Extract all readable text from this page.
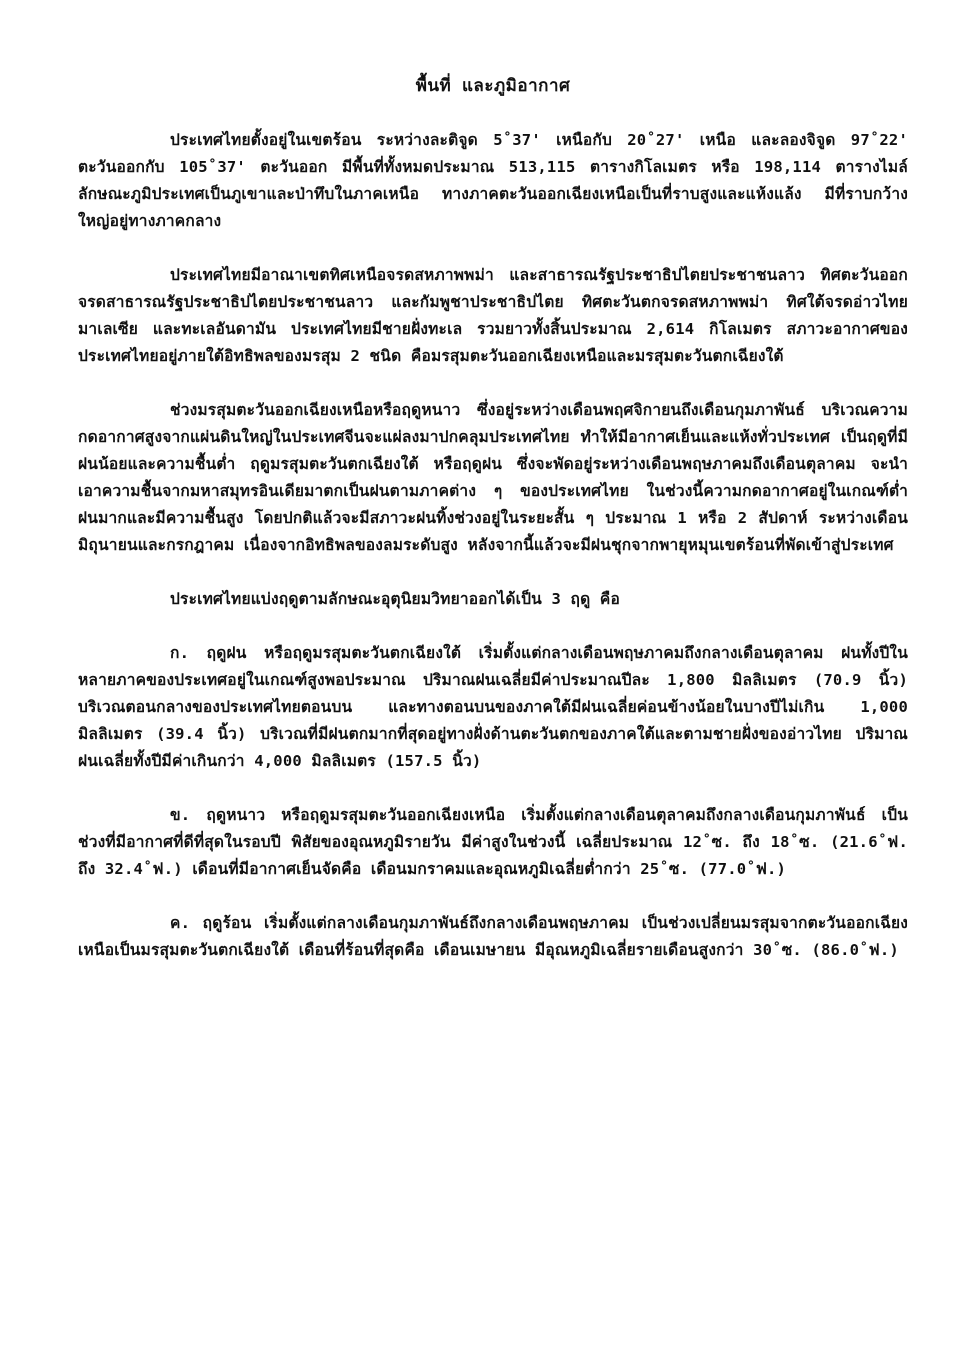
พื้นที่ และภูมิอากาศ

ประเทศไทยตั้งอยู่ในเขตร้อน ระหว่างละติจูด 5˚37' เหนือกับ 20˚27' เหนือ และลองจิจูด 97˚22' ตะวันออกกับ 105˚37' ตะวันออก มีพื้นที่ทั้งหมดประมาณ 513,115 ตารางกิโลเมตร หรือ 198,114 ตารางไมล์ ลักษณะภูมิประเทศเป็นภูเขาและป่าทึบในภาคเหนือ ทางภาคตะวันออกเฉียงเหนือเป็นที่ราบสูงและแห้งแล้ง มีที่ราบกว้างใหญ่อยู่ทางภาคกลาง

ประเทศไทยมีอาณาเขตทิศเหนือจรดสหภาพพม่า และสาธารณรัฐประชาธิปไตยประชาชนลาว ทิศตะวันออกจรดสาธารณรัฐประชาธิปไตยประชาชนลาว และกัมพูชาประชาธิปไตย ทิศตะวันตกจรดสหภาพพม่า ทิศใต้จรดอ่าวไทย มาเลเซีย และทะเลอันดามัน ประเทศไทยมีชายฝั่งทะเล รวมยาวทั้งสิ้นประมาณ 2,614 กิโลเมตร สภาวะอากาศของประเทศไทยอยู่ภายใต้อิทธิพลของมรสุม 2 ชนิด คือมรสุมตะวันออกเฉียงเหนือและมรสุมตะวันตกเฉียงใต้

ช่วงมรสุมตะวันออกเฉียงเหนือหรือฤดูหนาว ซึ่งอยู่ระหว่างเดือนพฤศจิกายนถึงเดือนกุมภาพันธ์ บริเวณความกดอากาศสูงจากแผ่นดินใหญ่ในประเทศจีนจะแผ่ลงมาปกคลุมประเทศไทย ทำให้มีอากาศเย็นและแห้งทั่วประเทศ เป็นฤดูที่มีฝนน้อยและความชื้นต่ำ ฤดูมรสุมตะวันตกเฉียงใต้ หรือฤดูฝน ซึ่งจะพัดอยู่ระหว่างเดือนพฤษภาคมถึงเดือนตุลาคม จะนำเอาความชื้นจากมหาสมุทรอินเดียมาตกเป็นฝนตามภาคต่าง ๆ ของประเทศไทย ในช่วงนี้ความกดอากาศอยู่ในเกณฑ์ต่ำ ฝนมากและมีความชื้นสูง โดยปกติแล้วจะมีสภาวะฝนทิ้งช่วงอยู่ในระยะสั้น ๆ ประมาณ 1 หรือ 2 สัปดาห์ ระหว่างเดือนมิถุนายนและกรกฎาคม เนื่องจากอิทธิพลของลมระดับสูง หลังจากนี้แล้วจะมีฝนชุกจากพายุหมุนเขตร้อนที่พัดเข้าสู่ประเทศ

ประเทศไทยแบ่งฤดูตามลักษณะอุตุนิยมวิทยาออกได้เป็น 3 ฤดู คือ

ก. ฤดูฝน หรือฤดูมรสุมตะวันตกเฉียงใต้ เริ่มตั้งแต่กลางเดือนพฤษภาคมถึงกลางเดือนตุลาคม ฝนทั้งปีในหลายภาคของประเทศอยู่ในเกณฑ์สูงพอประมาณ ปริมาณฝนเฉลี่ยมีค่าประมาณปีละ 1,800 มิลลิเมตร (70.9 นิ้ว) บริเวณตอนกลางของประเทศไทยตอนบน และทางตอนบนของภาคใต้มีฝนเฉลี่ยค่อนข้างน้อยในบางปีไม่เกิน 1,000 มิลลิเมตร (39.4 นิ้ว) บริเวณที่มีฝนตกมากที่สุดอยู่ทางฝั่งด้านตะวันตกของภาคใต้และตามชายฝั่งของอ่าวไทย ปริมาณฝนเฉลี่ยทั้งปีมีค่าเกินกว่า 4,000 มิลลิเมตร (157.5 นิ้ว)

ข. ฤดูหนาว หรือฤดูมรสุมตะวันออกเฉียงเหนือ เริ่มตั้งแต่กลางเดือนตุลาคมถึงกลางเดือนกุมภาพันธ์ เป็นช่วงที่มีอากาศที่ดีที่สุดในรอบปี พิสัยของอุณหภูมิรายวัน มีค่าสูงในช่วงนี้ เฉลี่ยประมาณ 12˚ซ. ถึง 18˚ซ. (21.6˚ฟ. ถึง 32.4˚ฟ.) เดือนที่มีอากาศเย็นจัดคือ เดือนมกราคมและอุณหภูมิเฉลี่ยต่ำกว่า 25˚ซ. (77.0˚ฟ.)

ค. ฤดูร้อน เริ่มตั้งแต่กลางเดือนกุมภาพันธ์ถึงกลางเดือนพฤษภาคม เป็นช่วงเปลี่ยนมรสุมจากตะวันออกเฉียงเหนือเป็นมรสุมตะวันตกเฉียงใต้ เดือนที่ร้อนที่สุดคือ เดือนเมษายน มีอุณหภูมิเฉลี่ยรายเดือนสูงกว่า 30˚ซ. (86.0˚ฟ.)
